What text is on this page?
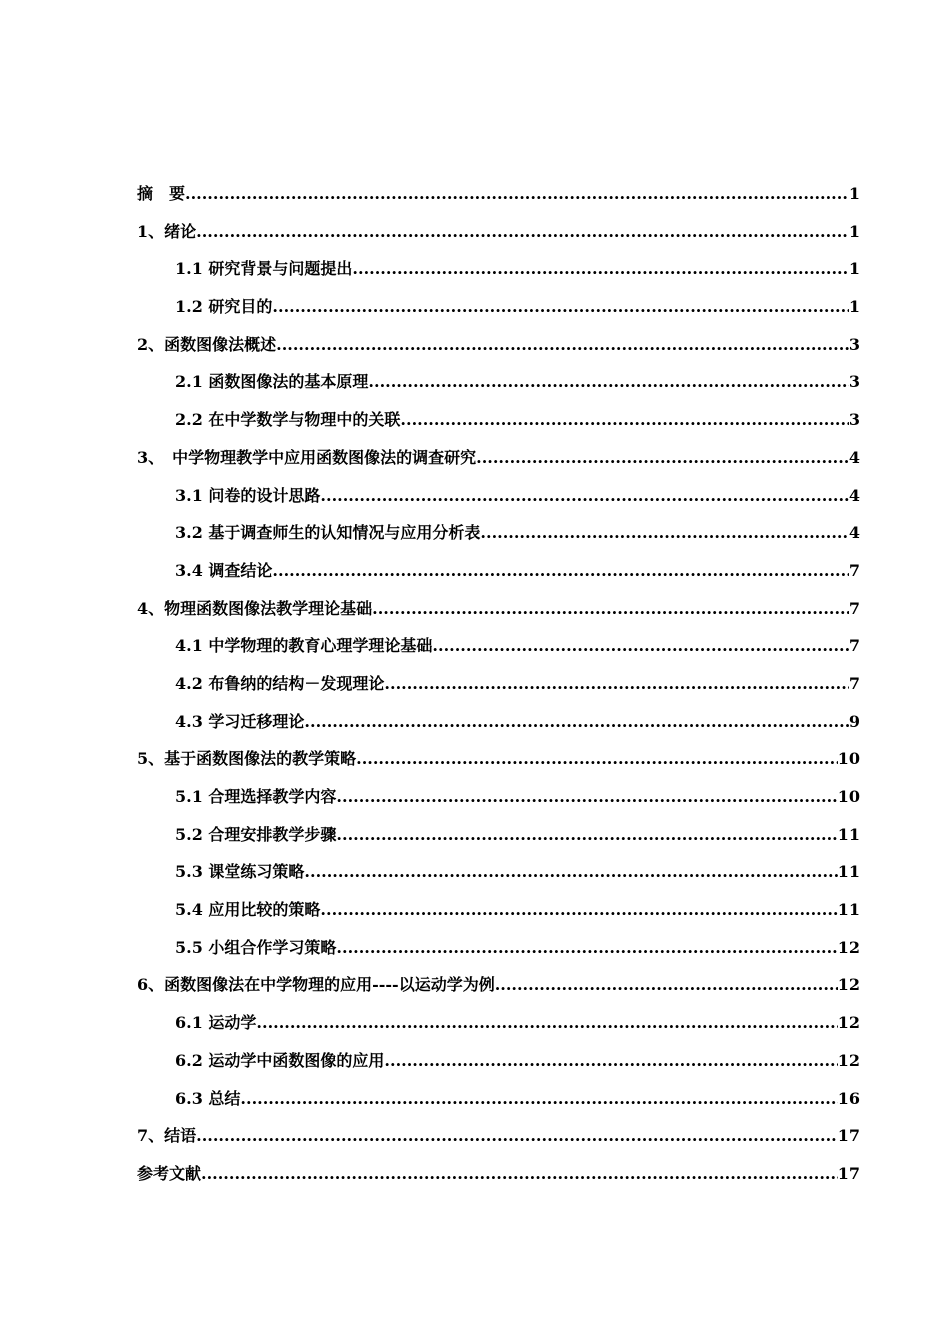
摘　要 .....	1
1、绪论 .....	1
1.1 研究背景与问题提出 .....	1
1.2 研究目的 .....	1
2、函数图像法概述 .....	3
2.1 函数图像法的基本原理 .....	3
2.2 在中学数学与物理中的关联 .....	3
3、　中学物理教学中应用函数图像法的调查研究 .....	4
3.1 问卷的设计思路 .....	4
3.2 基于调查师生的认知情况与应用分析表 .....	4
3.4 调查结论 .....	7
4、物理函数图像法教学理论基础 .....	7
4.1 中学物理的教育心理学理论基础 .....	7
4.2 布鲁纳的结构－发现理论 .....	7
4.3 学习迁移理论 .....	9
5、基于函数图像法的教学策略 .....	10
5.1 合理选择教学内容 .....	10
5.2 合理安排教学步骤 .....	11
5.3 课堂练习策略 .....	11
5.4 应用比较的策略 .....	11
5.5 小组合作学习策略 .....	12
6、函数图像法在中学物理的应用----以运动学为例 .....	12
6.1 运动学 .....	12
6.2 运动学中函数图像的应用 .....	12
6.3 总结 .....	16
7、结语 .....	17
参考文献 .....	17
